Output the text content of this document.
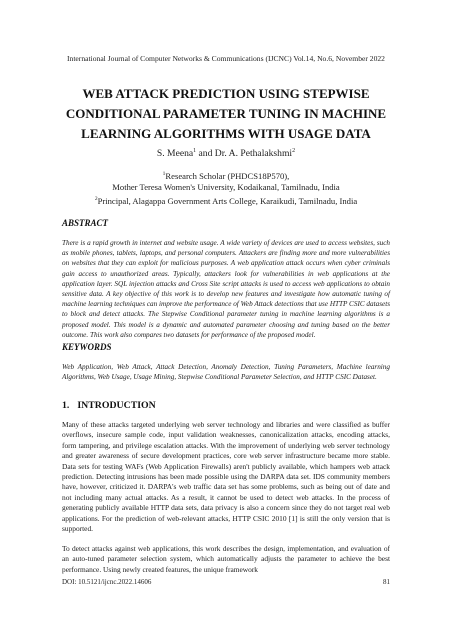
International Journal of Computer Networks & Communications (IJCNC) Vol.14, No.6, November 2022
WEB ATTACK PREDICTION USING STEPWISE
CONDITIONAL PARAMETER TUNING IN MACHINE
LEARNING ALGORITHMS WITH USAGE DATA
S. Meena$^1$ and Dr. A. Pethalakshmi$^2$
$^1$Research Scholar (PHDCS18P570),
Mother Teresa Women's University, Kodaikanal, Tamilnadu, India
$^2$Principal, Alagappa Government Arts College, Karaikudi, Tamilnadu, India
ABSTRACT
There is a rapid growth in internet and website usage. A wide variety of devices are used to access websites, such as mobile phones, tablets, laptops, and personal computers. Attackers are finding more and more vulnerabilities on websites that they can exploit for malicious purposes. A web application attack occurs when cyber criminals gain access to unauthorized areas. Typically, attackers look for vulnerabilities in web applications at the application layer. SQL injection attacks and Cross Site script attacks is used to access web applications to obtain sensitive data. A key objective of this work is to develop new features and investigate how automatic tuning of machine learning techniques can improve the performance of Web Attack detections that use HTTP CSIC datasets to block and detect attacks. The Stepwise Conditional parameter tuning in machine learning algorithms is a proposed model. This model is a dynamic and automated parameter choosing and tuning based on the better outcome. This work also compares two datasets for performance of the proposed model.
KEYWORDS
Web Application, Web Attack, Attack Detection, Anomaly Detection, Tuning Parameters, Machine learning Algorithms, Web Usage, Usage Mining, Stepwise Conditional Parameter Selection, and HTTP CSIC Dataset.
1. INTRODUCTION
Many of these attacks targeted underlying web server technology and libraries and were classified as buffer overflows, insecure sample code, input validation weaknesses, canonicalization attacks, encoding attacks, form tampering, and privilege escalation attacks. With the improvement of underlying web server technology and greater awareness of secure development practices, core web server infrastructure became more stable. Data sets for testing WAFs (Web Application Firewalls) aren't publicly available, which hampers web attack prediction. Detecting intrusions has been made possible using the DARPA data set. IDS community members have, however, criticized it. DARPA's web traffic data set has some problems, such as being out of date and not including many actual attacks. As a result, it cannot be used to detect web attacks. In the process of generating publicly available HTTP data sets, data privacy is also a concern since they do not target real web applications. For the prediction of web-relevant attacks, HTTP CSIC 2010 [1] is still the only version that is supported.
To detect attacks against web applications, this work describes the design, implementation, and evaluation of an auto-tuned parameter selection system, which automatically adjusts the parameter to achieve the best performance. Using newly created features, the unique framework
DOI: 10.5121/ijcnc.2022.14606	81
